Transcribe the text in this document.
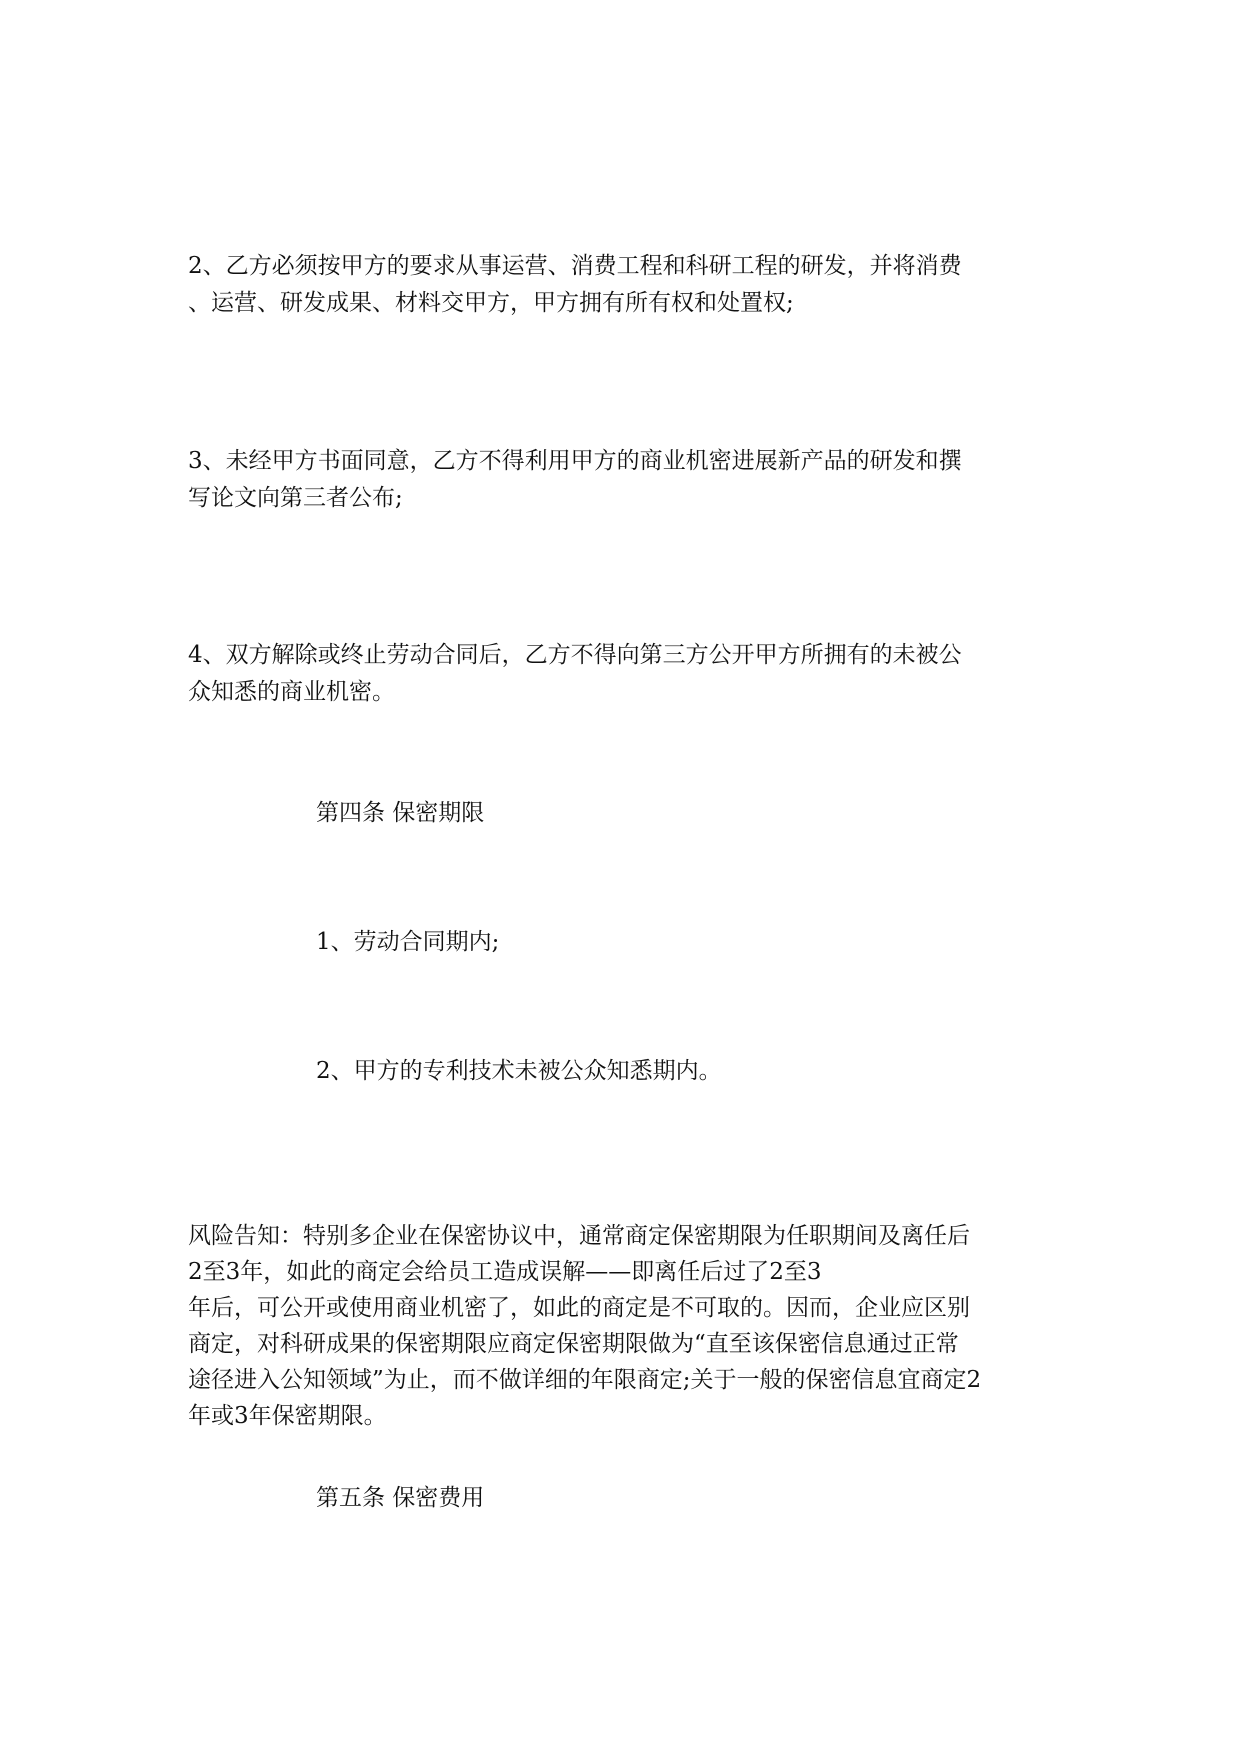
2、乙方必须按甲方的要求从事运营、消费工程和科研工程的研发，并将消费
、运营、研发成果、材料交甲方，甲方拥有所有权和处置权;
3、未经甲方书面同意，乙方不得利用甲方的商业机密进展新产品的研发和撰
写论文向第三者公布;
4、双方解除或终止劳动合同后，乙方不得向第三方公开甲方所拥有的未被公
众知悉的商业机密。
第四条 保密期限
1、劳动合同期内;
2、甲方的专利技术未被公众知悉期内。
风险告知：特别多企业在保密协议中，通常商定保密期限为任职期间及离任后
2至3年，如此的商定会给员工造成误解——即离任后过了2至3
年后，可公开或使用商业机密了，如此的商定是不可取的。因而，企业应区别
商定，对科研成果的保密期限应商定保密期限做为“直至该保密信息通过正常
途径进入公知领域”为止，而不做详细的年限商定;关于一般的保密信息宜商定2
年或3年保密期限。
第五条 保密费用
